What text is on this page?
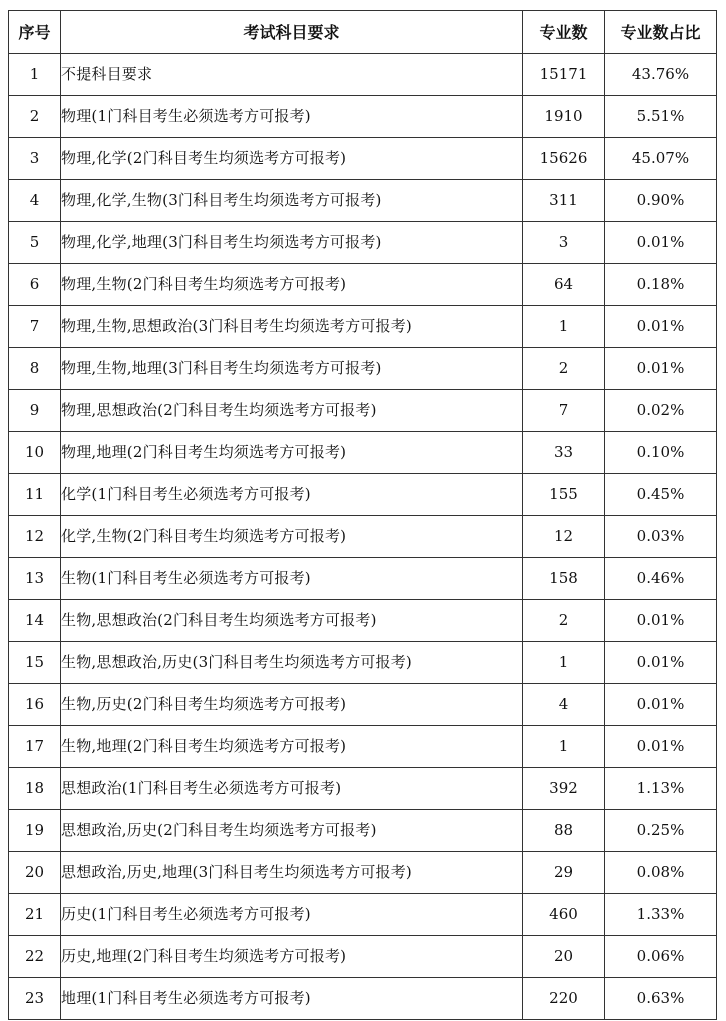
序号	考试科目要求	专业数	专业数占比
1	不提科目要求	15171	43.76%
2	物理(1门科目考生必须选考方可报考)	1910	5.51%
3	物理,化学(2门科目考生均须选考方可报考)	15626	45.07%
4	物理,化学,生物(3门科目考生均须选考方可报考)	311	0.90%
5	物理,化学,地理(3门科目考生均须选考方可报考)	3	0.01%
6	物理,生物(2门科目考生均须选考方可报考)	64	0.18%
7	物理,生物,思想政治(3门科目考生均须选考方可报考)	1	0.01%
8	物理,生物,地理(3门科目考生均须选考方可报考)	2	0.01%
9	物理,思想政治(2门科目考生均须选考方可报考)	7	0.02%
10	物理,地理(2门科目考生均须选考方可报考)	33	0.10%
11	化学(1门科目考生必须选考方可报考)	155	0.45%
12	化学,生物(2门科目考生均须选考方可报考)	12	0.03%
13	生物(1门科目考生必须选考方可报考)	158	0.46%
14	生物,思想政治(2门科目考生均须选考方可报考)	2	0.01%
15	生物,思想政治,历史(3门科目考生均须选考方可报考)	1	0.01%
16	生物,历史(2门科目考生均须选考方可报考)	4	0.01%
17	生物,地理(2门科目考生均须选考方可报考)	1	0.01%
18	思想政治(1门科目考生必须选考方可报考)	392	1.13%
19	思想政治,历史(2门科目考生均须选考方可报考)	88	0.25%
20	思想政治,历史,地理(3门科目考生均须选考方可报考)	29	0.08%
21	历史(1门科目考生必须选考方可报考)	460	1.33%
22	历史,地理(2门科目考生均须选考方可报考)	20	0.06%
23	地理(1门科目考生必须选考方可报考)	220	0.63%
